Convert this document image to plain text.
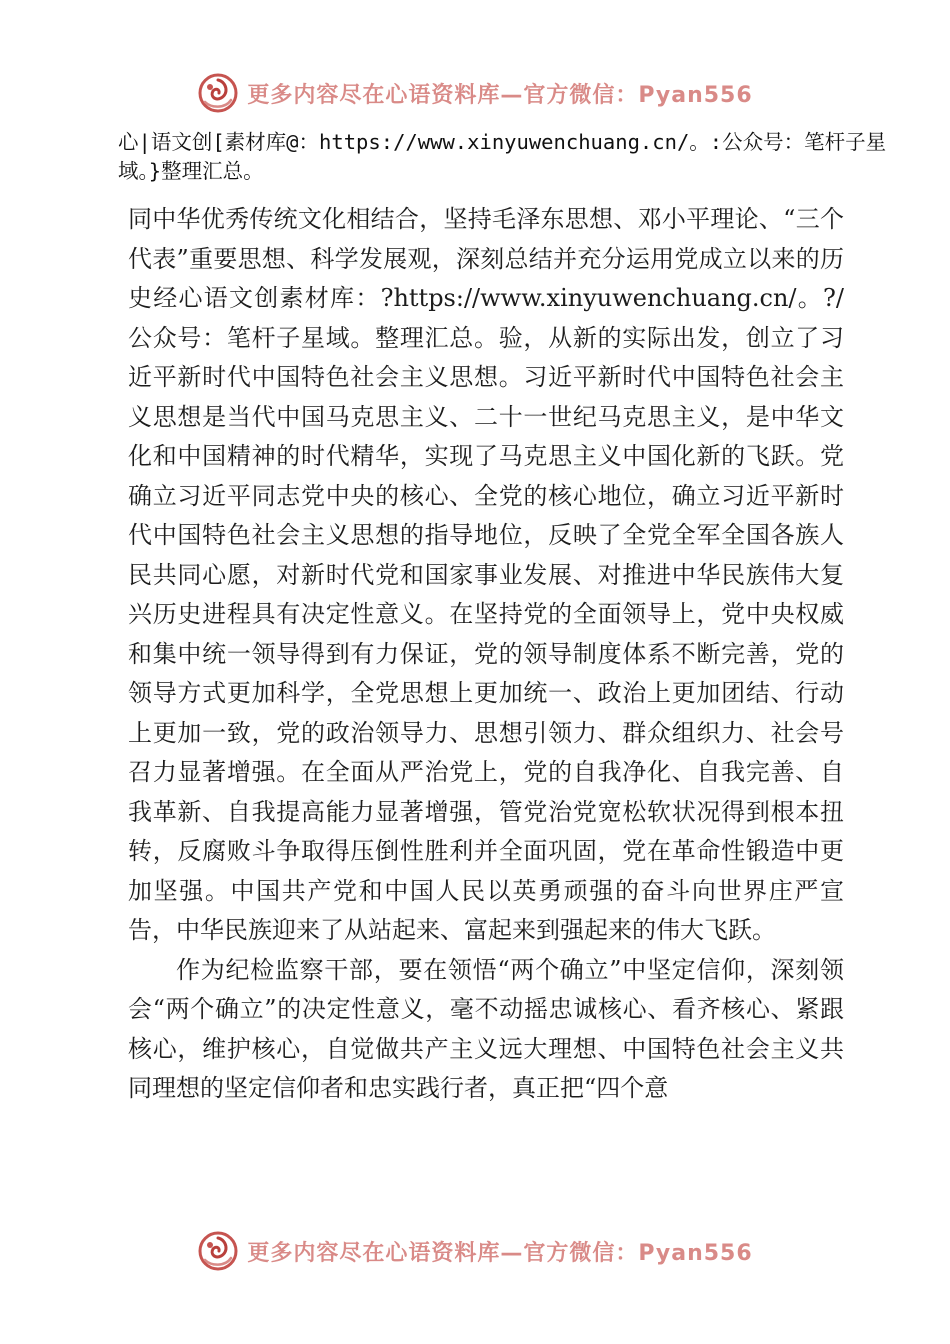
更多内容尽在心语资料库—官方微信：Pyan556
心|语文创[素材库@：https://www.xinyuwenchuang.cn/。:公众号：笔杆子星域。}整理汇总。

同中华优秀传统文化相结合，坚持毛泽东思想、邓小平理论、“三个代表”重要思想、科学发展观，深刻总结并充分运用党成立以来的历史经心语文创素材库：?https://www.xinyuwenchuang.cn/。?/公众号：笔杆子星域。整理汇总。验，从新的实际出发，创立了习近平新时代中国特色社会主义思想。习近平新时代中国特色社会主义思想是当代中国马克思主义、二十一世纪马克思主义，是中华文化和中国精神的时代精华，实现了马克思主义中国化新的飞跃。党确立习近平同志党中央的核心、全党的核心地位，确立习近平新时代中国特色社会主义思想的指导地位，反映了全党全军全国各族人民共同心愿，对新时代党和国家事业发展、对推进中华民族伟大复兴历史进程具有决定性意义。在坚持党的全面领导上，党中央权威和集中统一领导得到有力保证，党的领导制度体系不断完善，党的领导方式更加科学，全党思想上更加统一、政治上更加团结、行动上更加一致，党的政治领导力、思想引领力、群众组织力、社会号召力显著增强。在全面从严治党上，党的自我净化、自我完善、自我革新、自我提高能力显著增强，管党治党宽松软状况得到根本扭转，反腐败斗争取得压倒性胜利并全面巩固，党在革命性锻造中更加坚强。中国共产党和中国人民以英勇顽强的奋斗向世界庄严宣告，中华民族迎来了从站起来、富起来到强起来的伟大飞跃。

作为纪检监察干部，要在领悟“两个确立”中坚定信仰，深刻领会“两个确立”的决定性意义，毫不动摇忠诚核心、看齐核心、紧跟核心，维护核心，自觉做共产主义远大理想、中国特色社会主义共同理想的坚定信仰者和忠实践行者，真正把“四个意

更多内容尽在心语资料库—官方微信：Pyan556
